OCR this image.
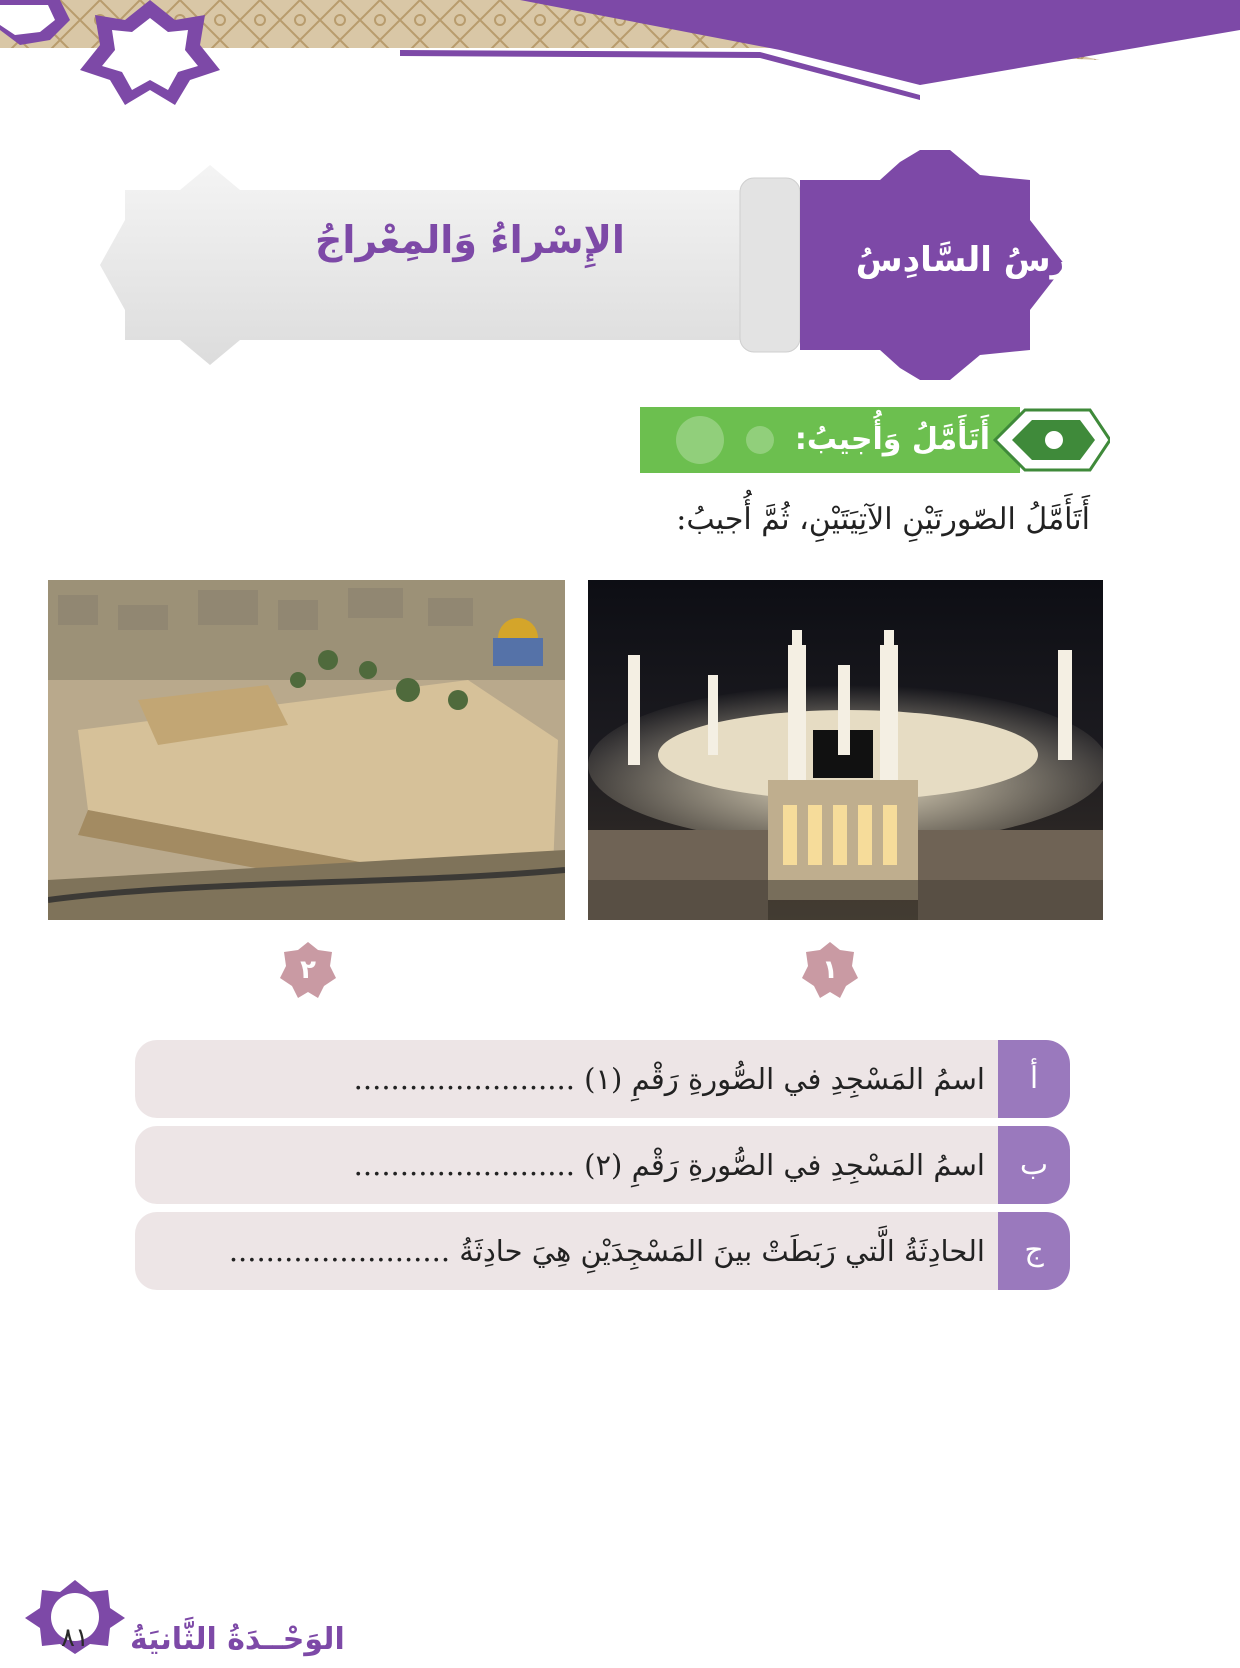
الدَّرْسُ السَّادِسُ
الإِسْراءُ وَالمِعْراجُ
أَتَأَمَّلُ وَأُجيبُ:
أَتَأَمَّلُ الصّورتَيْنِ الآتِيَتَيْنِ، ثُمَّ أُجيبُ:
١
٢
اسمُ المَسْجِدِ في الصُّورةِ رَقْمِ (١) ........................	أ
اسمُ المَسْجِدِ في الصُّورةِ رَقْمِ (٢) ........................	ب
الحادِثَةُ الَّتي رَبَطَتْ بينَ المَسْجِدَيْنِ هِيَ حادِثَةُ ........................	ج
٨١	الوَحْــدَةُ الثَّانيَةُ
